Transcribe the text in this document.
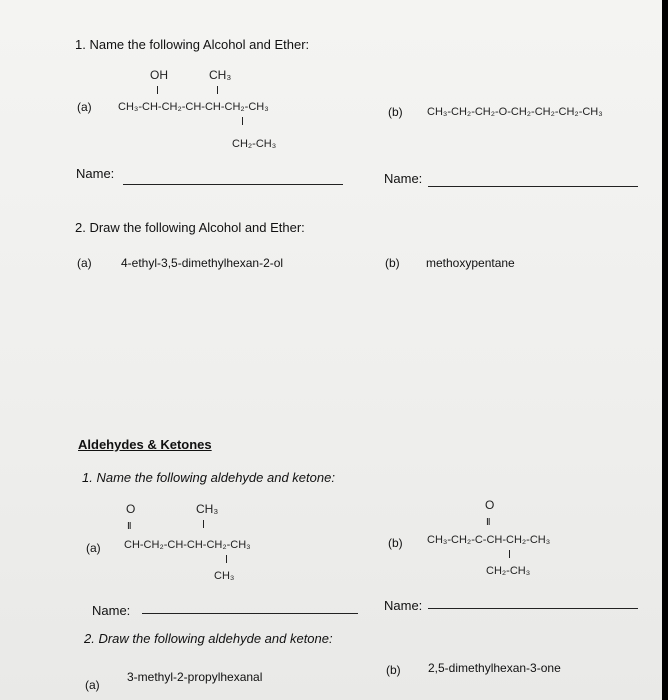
1. Name the following Alcohol and Ether:
(a)
OH	CH₃
CH₃-CH-CH₂-CH-CH-CH₂-CH₃
CH₂-CH₃
(b) CH₃-CH₂-CH₂-O-CH₂-CH₂-CH₂-CH₃
Name:	Name:
2. Draw the following Alcohol and Ether:
(a) 4-ethyl-3,5-dimethylhexan-2-ol	(b) methoxypentane
Aldehydes & Ketones
1. Name the following aldehyde and ketone:
(a)
O
II
CH₃
CH-CH₂-CH-CH-CH₂-CH₃
CH₃
(b)
O
II
CH₃-CH₂-C-CH-CH₂-CH₃
CH₂-CH₃
Name:	Name:
2. Draw the following aldehyde and ketone:
(a)
3-methyl-2-propylhexanal	(b) 2,5-dimethylhexan-3-one
